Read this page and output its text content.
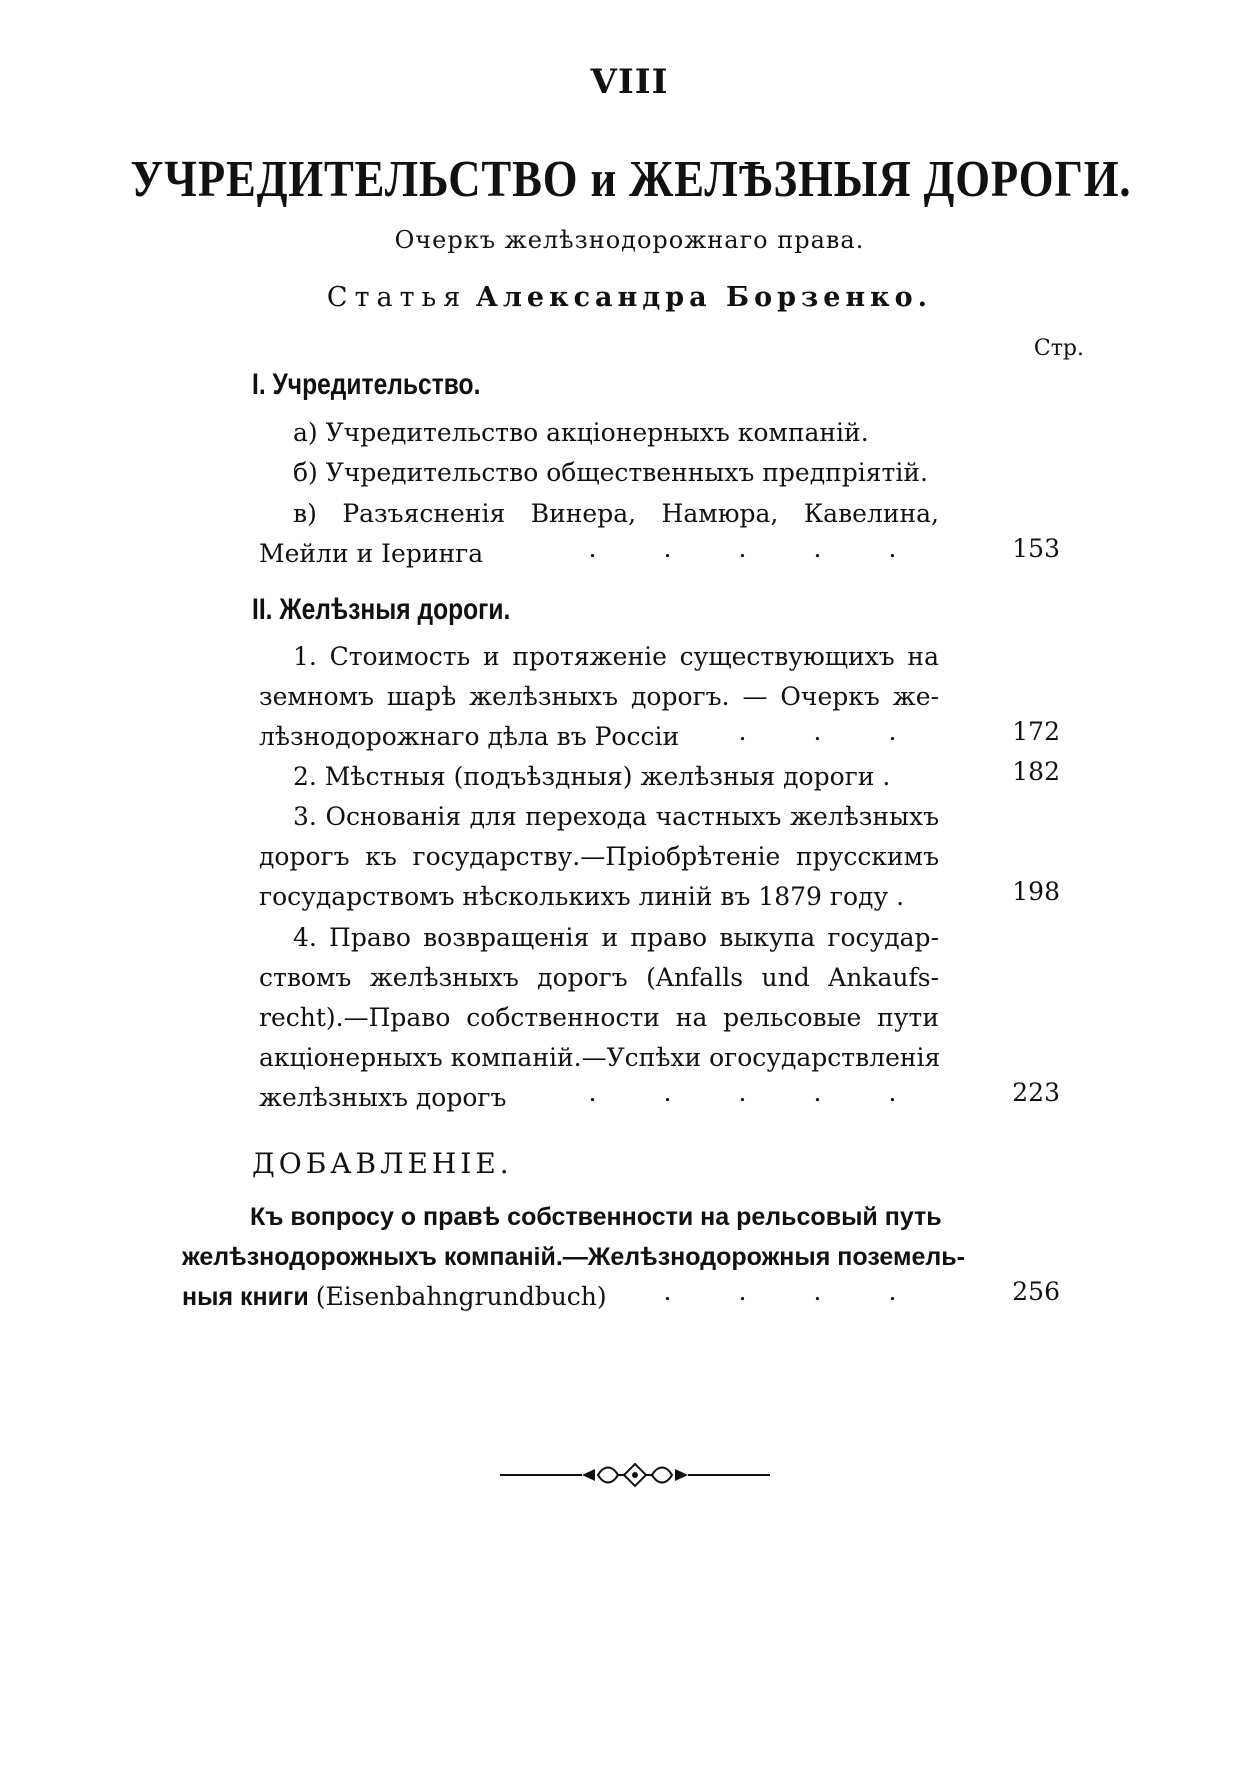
VIII
УЧРЕДИТЕЛЬСТВО и ЖЕЛѢЗНЫЯ ДОРОГИ.
Очеркъ желѣзнодорожнаго права.
Статья Александра Борзенко.
Стр.
I. Учредительство.
а) Учредительство акціонерныхъ компаній.
б) Учредительство общественныхъ предпріятій.
в) Разъясненія Винера, Намюра, Кавелина,
Мейли и Іеринга	.	.	.	.	.	153
II. Желѣзныя дороги.
1. Стоимость и протяженіе существующихъ на
земномъ шарѣ желѣзныхъ дорогъ. — Очеркъ же-
лѣзнодорожнаго дѣла въ Россіи	.	.	.	172
2. Мѣстныя (подъѣздныя) желѣзныя дороги .	182
3. Основанія для перехода частныхъ желѣзныхъ
дорогъ къ государству.—Пріобрѣтеніе прусскимъ
государствомъ нѣсколькихъ линій въ 1879 году .	198
4. Право возвращенія и право выкупа государ-
ствомъ желѣзныхъ дорогъ (Anfalls und Ankaufs-
recht).—Право собственности на рельсовые пути
акціонерныхъ компаній.—Успѣхи огосударствленія
желѣзныхъ дорогъ	.	.	.	.	.	223
ДОБАВЛЕНІЕ.
Къ вопросу о правѣ собственности на рельсовый путь
желѣзнодорожныхъ компаній.—Желѣзнодорожныя поземель-
ныя книги (Eisenbahngrundbuch)	.	.	.	.	256
